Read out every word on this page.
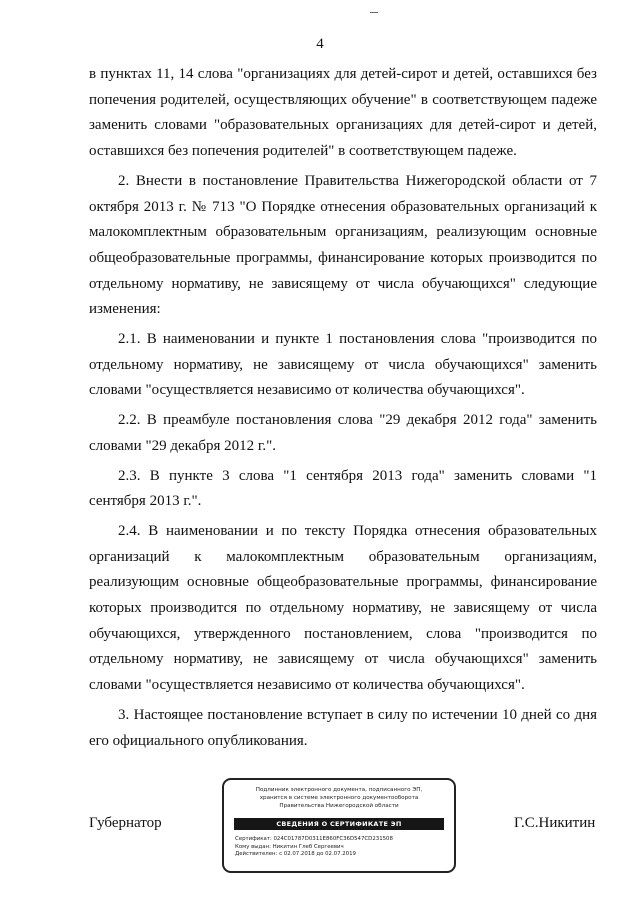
4

в пунктах 11, 14 слова "организациях для детей-сирот и детей, оставшихся без попечения родителей, осуществляющих обучение" в соответствующем падеже заменить словами "образовательных организациях для детей-сирот и детей, оставшихся без попечения родителей" в соответствующем падеже.

2. Внести в постановление Правительства Нижегородской области от 7 октября 2013 г. № 713 "О Порядке отнесения образовательных организаций к малокомплектным образовательным организациям, реализующим основные общеобразовательные программы, финансирование которых производится по отдельному нормативу, не зависящему от числа обучающихся" следующие изменения:

2.1. В наименовании и пункте 1 постановления слова "производится по отдельному нормативу, не зависящему от числа обучающихся" заменить словами "осуществляется независимо от количества обучающихся".

2.2. В преамбуле постановления слова "29 декабря 2012 года" заменить словами "29 декабря 2012 г.".

2.3. В пункте 3 слова "1 сентября 2013 года" заменить словами "1 сентября 2013 г.".

2.4. В наименовании и по тексту Порядка отнесения образовательных организаций к малокомплектным образовательным организациям, реализующим основные общеобразовательные программы, финансирование которых производится по отдельному нормативу, не зависящему от числа обучающихся, утвержденного постановлением, слова "производится по отдельному нормативу, не зависящему от числа обучающихся" заменить словами "осуществляется независимо от количества обучающихся".

3. Настоящее постановление вступает в силу по истечении 10 дней со дня его официального опубликования.

Губернатор	Г.С.Никитин
Подлинник электронного документа, подписанного ЭП,
хранится в системе электронного документооборота
Правительства Нижегородской области
СВЕДЕНИЯ О СЕРТИФИКАТЕ ЭП
Сертификат: 024C01787D0311E860FC36D547CD231508
Кому выдан: Никитин Глеб Сергеевич
Действителен: с 02.07.2018 до 02.07.2019
